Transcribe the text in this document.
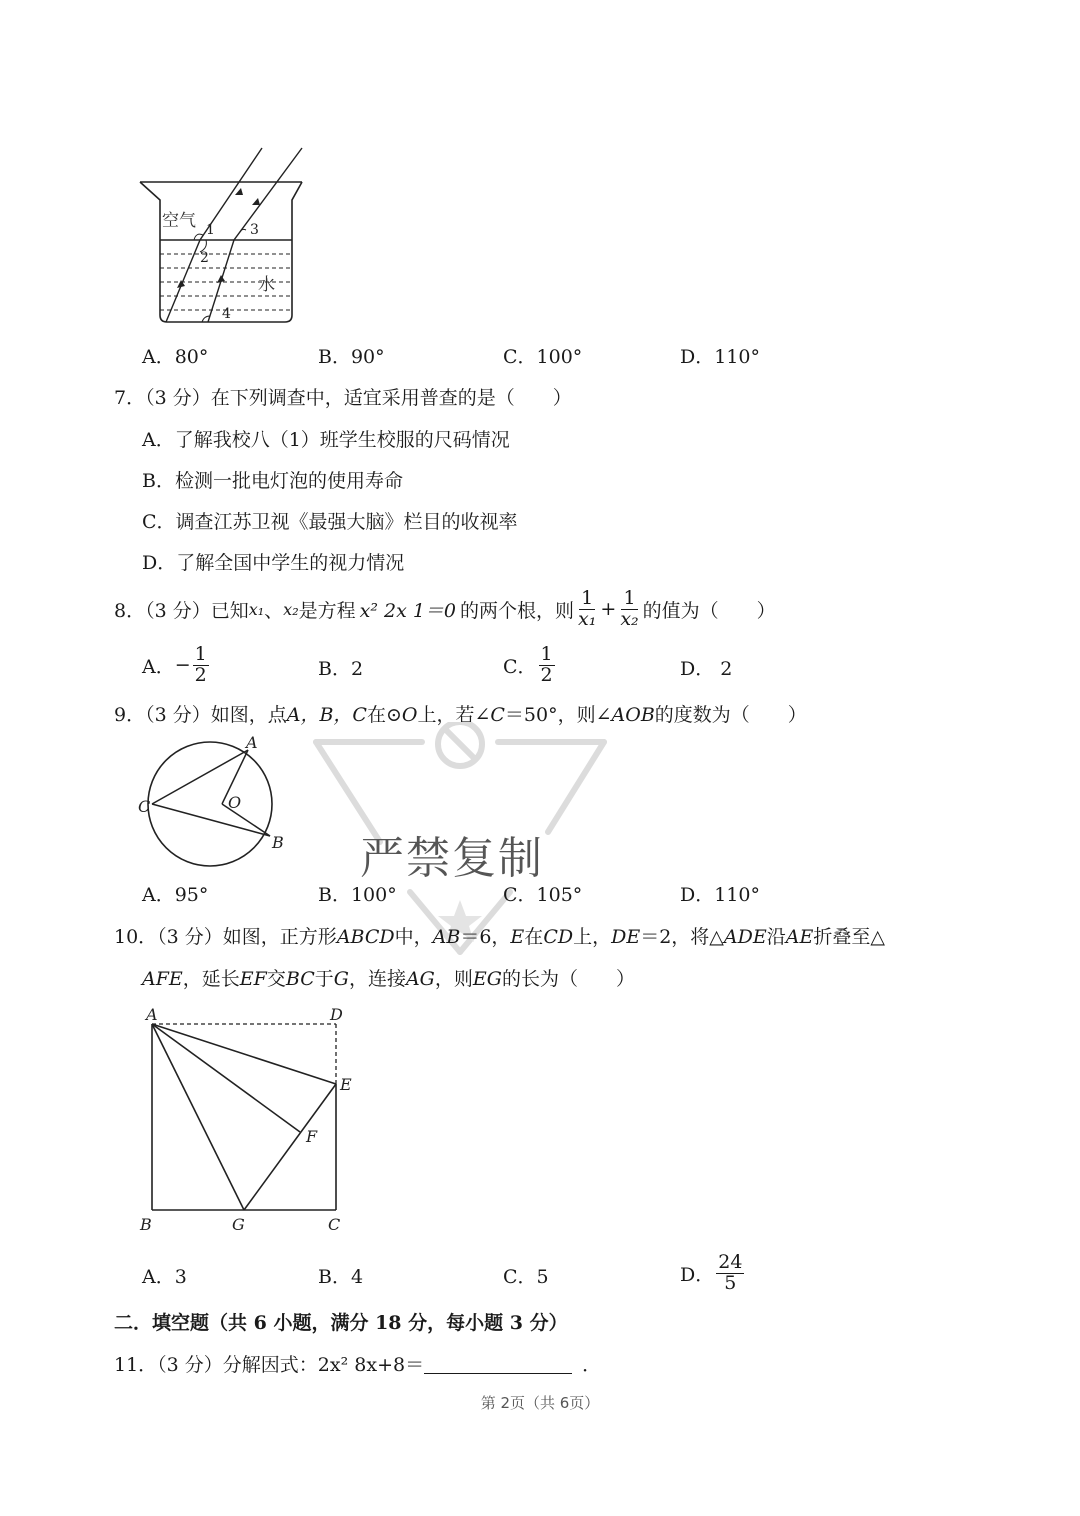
空气
水
1
2
3
4
A．80°	B．90°	C．100°	D．110°
7．（3 分）在下列调查中，适宜采用普查的是（　　）
A．了解我校八（1）班学生校服的尺码情况
B．检测一批电灯泡的使用寿命
C．调查江苏卫视《最强大脑》栏目的收视率
D．了解全国中学生的视力情况
8．（3 分）已知 x₁ 、 x₂ 是方程 x² 2x 1＝0 的两个根，则 $\frac{1}{\text{x₁}} + \frac{1}{\text{x₂}}$ 的值为（　　）
A． − $\frac{1}{2}$	B．2	C． $\frac{1}{2}$	D． 2
9．（3 分）如图，点A，B，C在⊙O上，若∠C＝50°，则∠AOB的度数为（　　）
A
B
C	O
严禁复制
A．95°	B．100°	C．105°	D．110°
10．（3 分）如图，正方形ABCD中，AB＝6，E在CD上，DE＝2，将△ADE沿AE折叠至△
AFE，延长EF交BC于G，连接AG，则EG的长为（　　）
A	D
E
F
B	G	C
A．3	B．4	C．5	D． $\frac{24}{5}$
二．填空题（共 6 小题，满分 18 分，每小题 3 分）
11．（3 分）分解因式：2x² 8x+8＝	．
第 2页（共 6页）
